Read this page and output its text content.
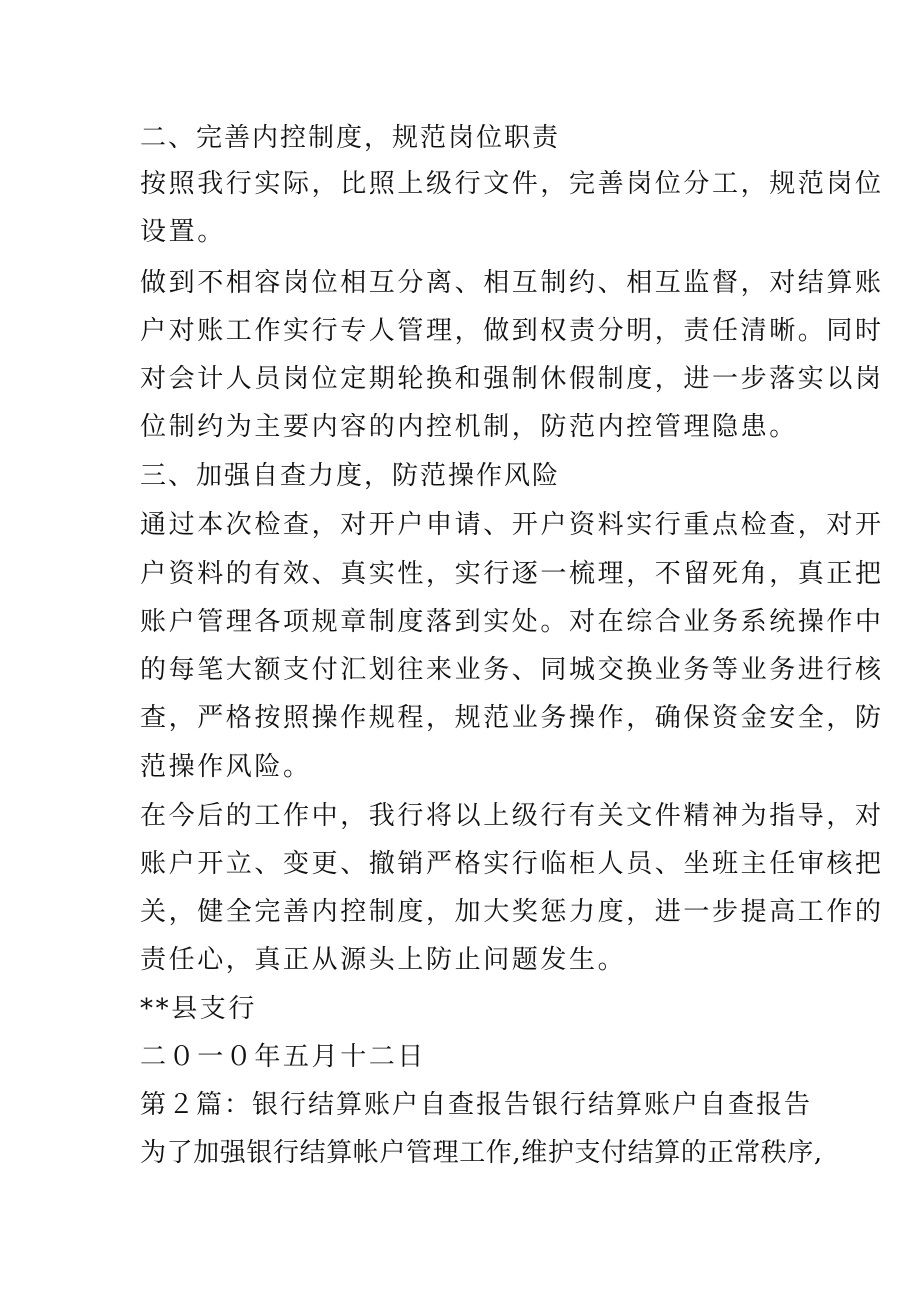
二、完善内控制度，规范岗位职责
按照我行实际，比照上级行文件，完善岗位分工，规范岗位
设置。
做到不相容岗位相互分离、相互制约、相互监督，对结算账
户对账工作实行专人管理，做到权责分明，责任清晰。同时
对会计人员岗位定期轮换和强制休假制度，进一步落实以岗
位制约为主要内容的内控机制，防范内控管理隐患。
三、加强自查力度，防范操作风险
通过本次检查，对开户申请、开户资料实行重点检查，对开
户资料的有效、真实性，实行逐一梳理，不留死角，真正把
账户管理各项规章制度落到实处。对在综合业务系统操作中
的每笔大额支付汇划往来业务、同城交换业务等业务进行核
查，严格按照操作规程，规范业务操作，确保资金安全，防
范操作风险。
在今后的工作中，我行将以上级行有关文件精神为指导，对
账户开立、变更、撤销严格实行临柜人员、坐班主任审核把
关，健全完善内控制度，加大奖惩力度，进一步提高工作的
责任心，真正从源头上防止问题发生。
**县支行
二０一０年五月十二日
第２篇：银行结算账户自查报告银行结算账户自查报告
为了加强银行结算帐户管理工作,维护支付结算的正常秩序,
